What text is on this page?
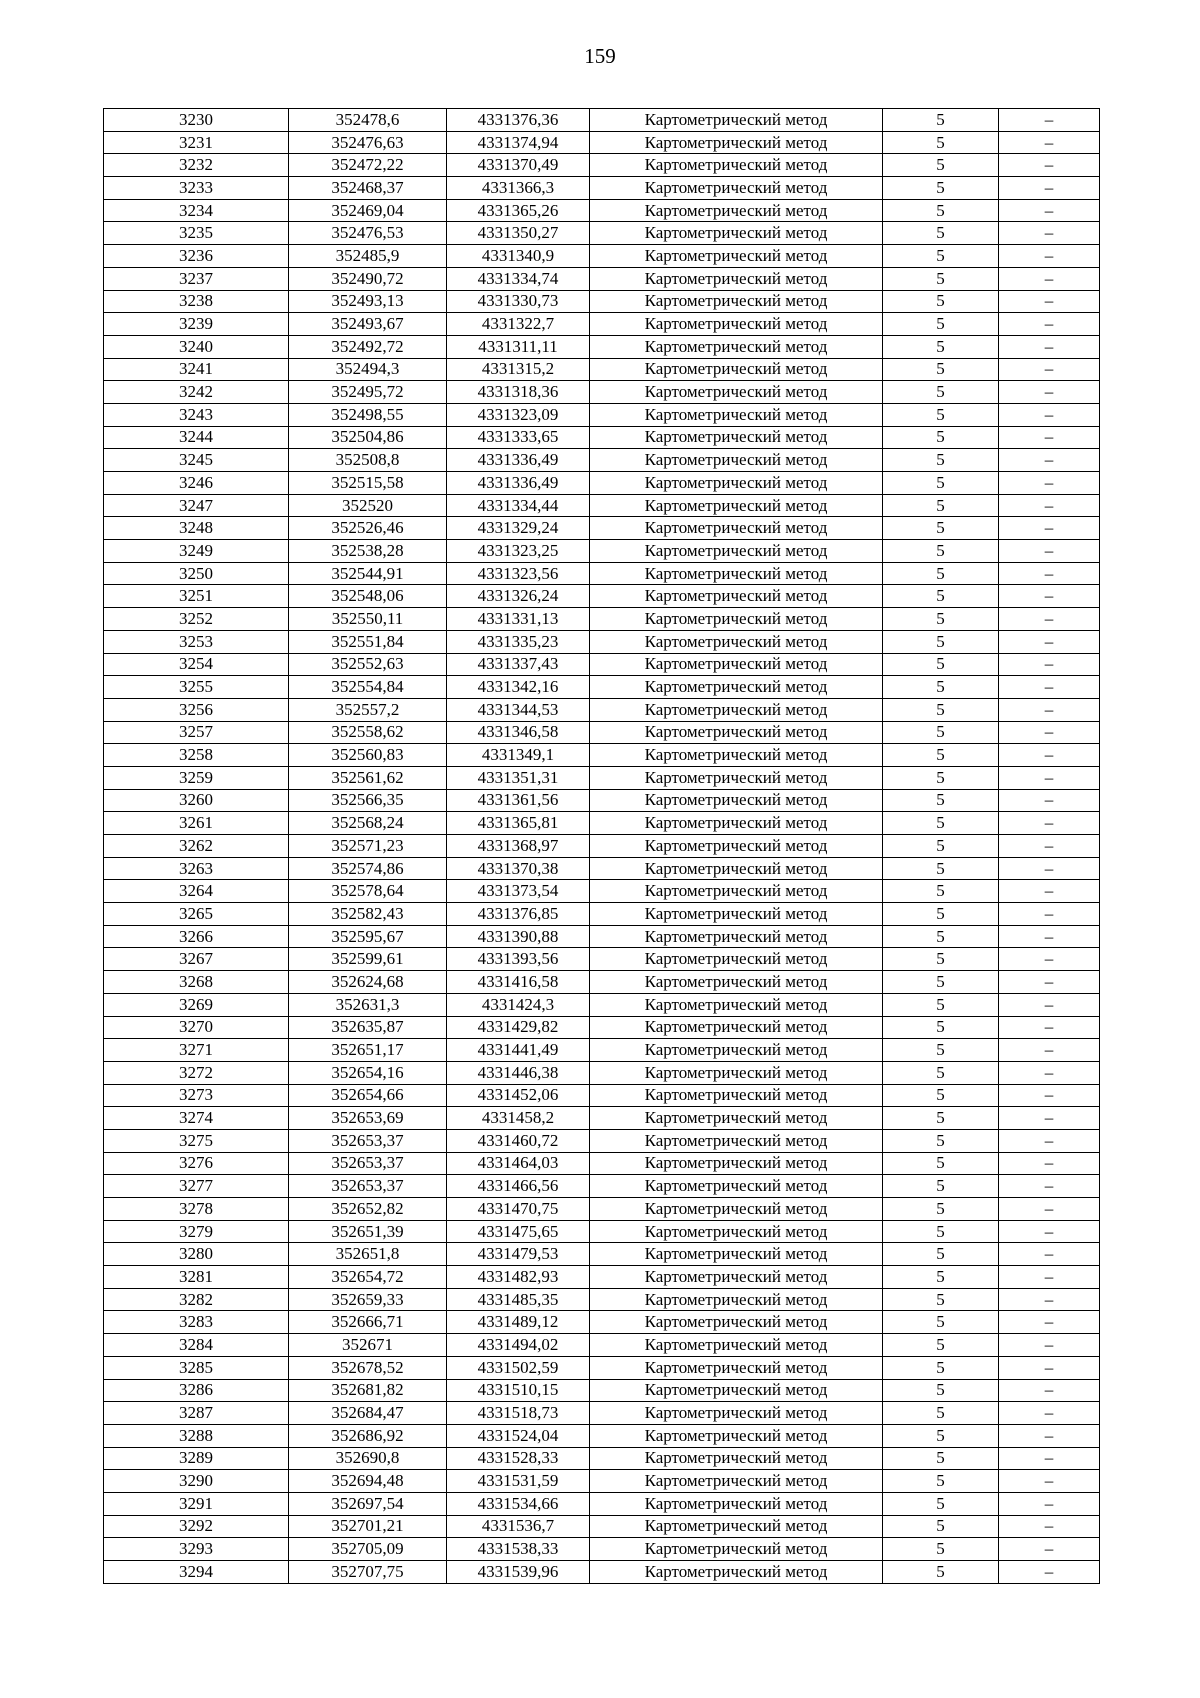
159
3230	352478,6	4331376,36	Картометрический метод	5	–
3231	352476,63	4331374,94	Картометрический метод	5	–
3232	352472,22	4331370,49	Картометрический метод	5	–
3233	352468,37	4331366,3	Картометрический метод	5	–
3234	352469,04	4331365,26	Картометрический метод	5	–
3235	352476,53	4331350,27	Картометрический метод	5	–
3236	352485,9	4331340,9	Картометрический метод	5	–
3237	352490,72	4331334,74	Картометрический метод	5	–
3238	352493,13	4331330,73	Картометрический метод	5	–
3239	352493,67	4331322,7	Картометрический метод	5	–
3240	352492,72	4331311,11	Картометрический метод	5	–
3241	352494,3	4331315,2	Картометрический метод	5	–
3242	352495,72	4331318,36	Картометрический метод	5	–
3243	352498,55	4331323,09	Картометрический метод	5	–
3244	352504,86	4331333,65	Картометрический метод	5	–
3245	352508,8	4331336,49	Картометрический метод	5	–
3246	352515,58	4331336,49	Картометрический метод	5	–
3247	352520	4331334,44	Картометрический метод	5	–
3248	352526,46	4331329,24	Картометрический метод	5	–
3249	352538,28	4331323,25	Картометрический метод	5	–
3250	352544,91	4331323,56	Картометрический метод	5	–
3251	352548,06	4331326,24	Картометрический метод	5	–
3252	352550,11	4331331,13	Картометрический метод	5	–
3253	352551,84	4331335,23	Картометрический метод	5	–
3254	352552,63	4331337,43	Картометрический метод	5	–
3255	352554,84	4331342,16	Картометрический метод	5	–
3256	352557,2	4331344,53	Картометрический метод	5	–
3257	352558,62	4331346,58	Картометрический метод	5	–
3258	352560,83	4331349,1	Картометрический метод	5	–
3259	352561,62	4331351,31	Картометрический метод	5	–
3260	352566,35	4331361,56	Картометрический метод	5	–
3261	352568,24	4331365,81	Картометрический метод	5	–
3262	352571,23	4331368,97	Картометрический метод	5	–
3263	352574,86	4331370,38	Картометрический метод	5	–
3264	352578,64	4331373,54	Картометрический метод	5	–
3265	352582,43	4331376,85	Картометрический метод	5	–
3266	352595,67	4331390,88	Картометрический метод	5	–
3267	352599,61	4331393,56	Картометрический метод	5	–
3268	352624,68	4331416,58	Картометрический метод	5	–
3269	352631,3	4331424,3	Картометрический метод	5	–
3270	352635,87	4331429,82	Картометрический метод	5	–
3271	352651,17	4331441,49	Картометрический метод	5	–
3272	352654,16	4331446,38	Картометрический метод	5	–
3273	352654,66	4331452,06	Картометрический метод	5	–
3274	352653,69	4331458,2	Картометрический метод	5	–
3275	352653,37	4331460,72	Картометрический метод	5	–
3276	352653,37	4331464,03	Картометрический метод	5	–
3277	352653,37	4331466,56	Картометрический метод	5	–
3278	352652,82	4331470,75	Картометрический метод	5	–
3279	352651,39	4331475,65	Картометрический метод	5	–
3280	352651,8	4331479,53	Картометрический метод	5	–
3281	352654,72	4331482,93	Картометрический метод	5	–
3282	352659,33	4331485,35	Картометрический метод	5	–
3283	352666,71	4331489,12	Картометрический метод	5	–
3284	352671	4331494,02	Картометрический метод	5	–
3285	352678,52	4331502,59	Картометрический метод	5	–
3286	352681,82	4331510,15	Картометрический метод	5	–
3287	352684,47	4331518,73	Картометрический метод	5	–
3288	352686,92	4331524,04	Картометрический метод	5	–
3289	352690,8	4331528,33	Картометрический метод	5	–
3290	352694,48	4331531,59	Картометрический метод	5	–
3291	352697,54	4331534,66	Картометрический метод	5	–
3292	352701,21	4331536,7	Картометрический метод	5	–
3293	352705,09	4331538,33	Картометрический метод	5	–
3294	352707,75	4331539,96	Картометрический метод	5	–
